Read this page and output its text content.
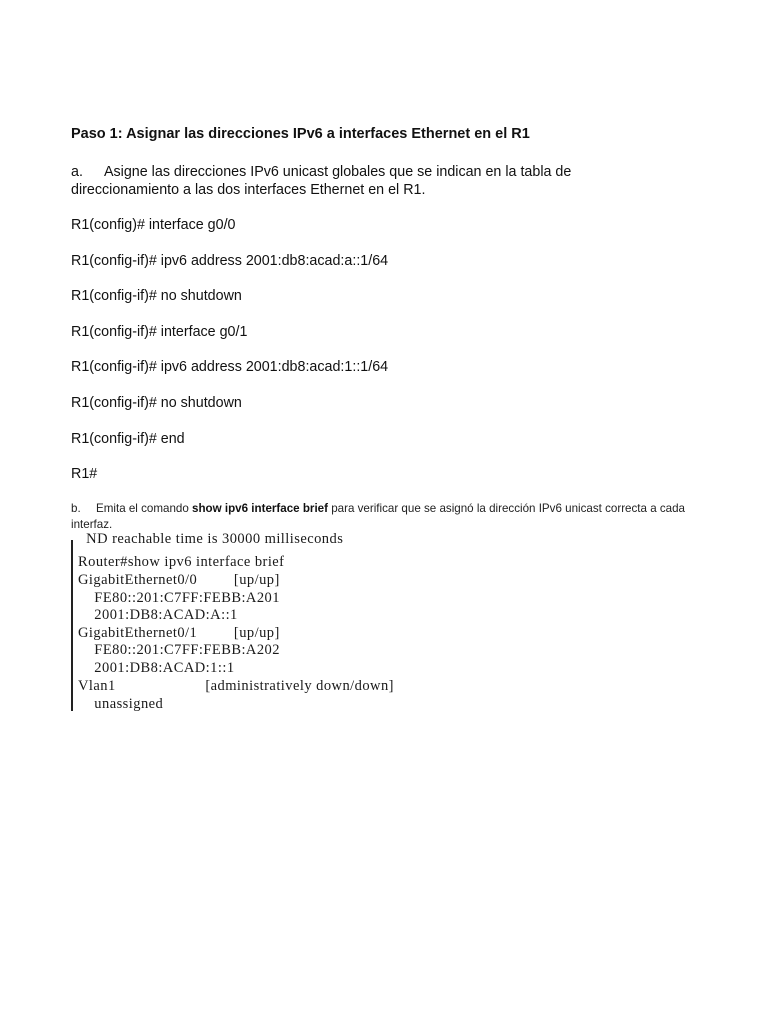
Paso 1: Asignar las direcciones IPv6 a interfaces Ethernet en el R1
a. Asigne las direcciones IPv6 unicast globales que se indican en la tabla de direccionamiento a las dos interfaces Ethernet en el R1.
R1(config)# interface g0/0
R1(config-if)# ipv6 address 2001:db8:acad:a::1/64
R1(config-if)# no shutdown
R1(config-if)# interface g0/1
R1(config-if)# ipv6 address 2001:db8:acad:1::1/64
R1(config-if)# no shutdown
R1(config-if)# end
R1#
b. Emita el comando show ipv6 interface brief para verificar que se asignó la dirección IPv6 unicast correcta a cada interfaz.
ND reachable time is 30000 milliseconds
Router#show ipv6 interface brief
GigabitEthernet0/0         [up/up]
FE80::201:C7FF:FEBB:A201
2001:DB8:ACAD:A::1
GigabitEthernet0/1         [up/up]
FE80::201:C7FF:FEBB:A202
2001:DB8:ACAD:1::1
Vlan1                      [administratively down/down]
unassigned
